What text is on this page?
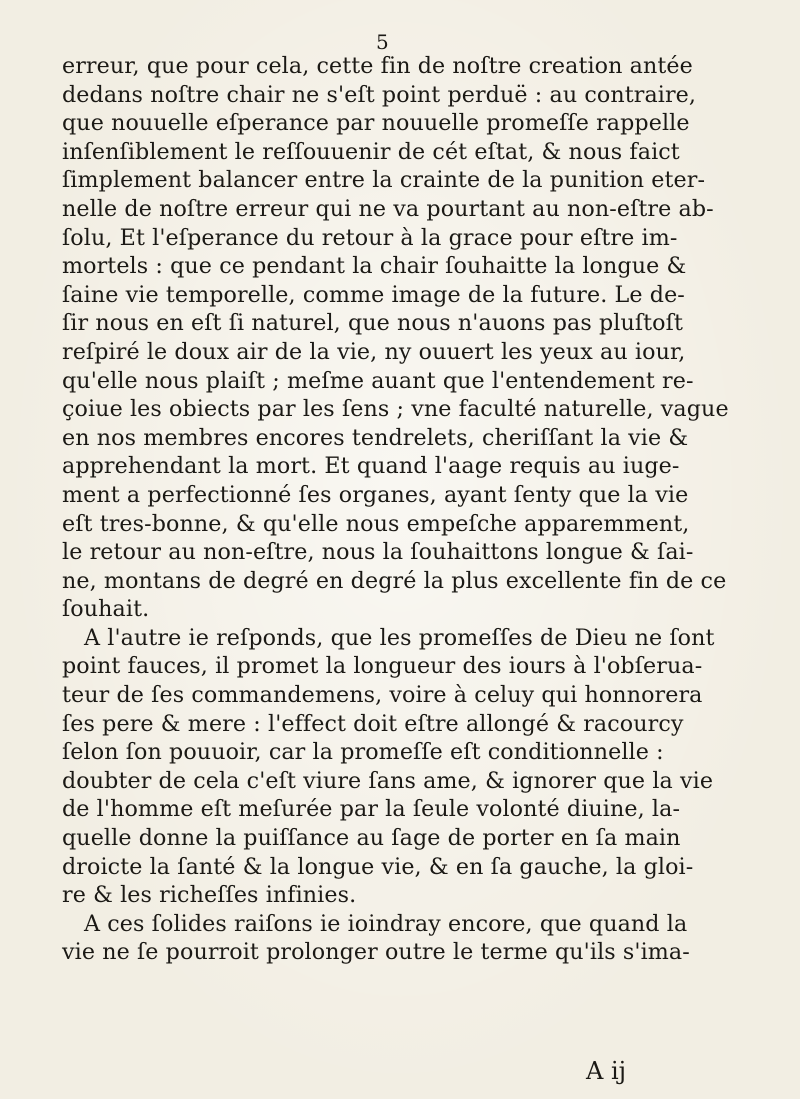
5
erreur, que pour cela, cette fin de noſtre creation antée
dedans noſtre chair ne s'eſt point perduë : au contraire,
que nouuelle eſperance par nouuelle promeſſe rappelle
inſenſiblement le reſſouuenir de cét eſtat, & nous faict
ſimplement balancer entre la crainte de la punition eter-
nelle de noſtre erreur qui ne va pourtant au non-eſtre ab-
ſolu, Et l'eſperance du retour à la grace pour eſtre im-
mortels : que ce pendant la chair ſouhaitte la longue &
ſaine vie temporelle, comme image de la future. Le de-
ſir nous en eſt ſi naturel, que nous n'auons pas pluſtoſt
reſpiré le doux air de la vie, ny ouuert les yeux au iour,
qu'elle nous plaiſt ; meſme auant que l'entendement re-
çoiue les obiects par les ſens ; vne faculté naturelle, vague
en nos membres encores tendrelets, cheriſſant la vie &
apprehendant la mort. Et quand l'aage requis au iuge-
ment a perfectionné ſes organes, ayant ſenty que la vie
eſt tres-bonne, & qu'elle nous empeſche apparemment,
le retour au non-eſtre, nous la ſouhaittons longue & ſai-
ne, montans de degré en degré la plus excellente fin de ce
ſouhait.
A l'autre ie reſponds, que les promeſſes de Dieu ne ſont
point fauces, il promet la longueur des iours à l'obſerua-
teur de ſes commandemens, voire à celuy qui honnorera
ſes pere & mere : l'effect doit eſtre allongé & racourcy
ſelon ſon pouuoir, car la promeſſe eſt conditionnelle :
doubter de cela c'eſt viure ſans ame, & ignorer que la vie
de l'homme eſt meſurée par la ſeule volonté diuine, la-
quelle donne la puiſſance au ſage de porter en ſa main
droicte la ſanté & la longue vie, & en ſa gauche, la gloi-
re & les richeſſes infinies.
A ces ſolides raiſons ie ioindray encore, que quand la
vie ne ſe pourroit prolonger outre le terme qu'ils s'ima-
A ij
